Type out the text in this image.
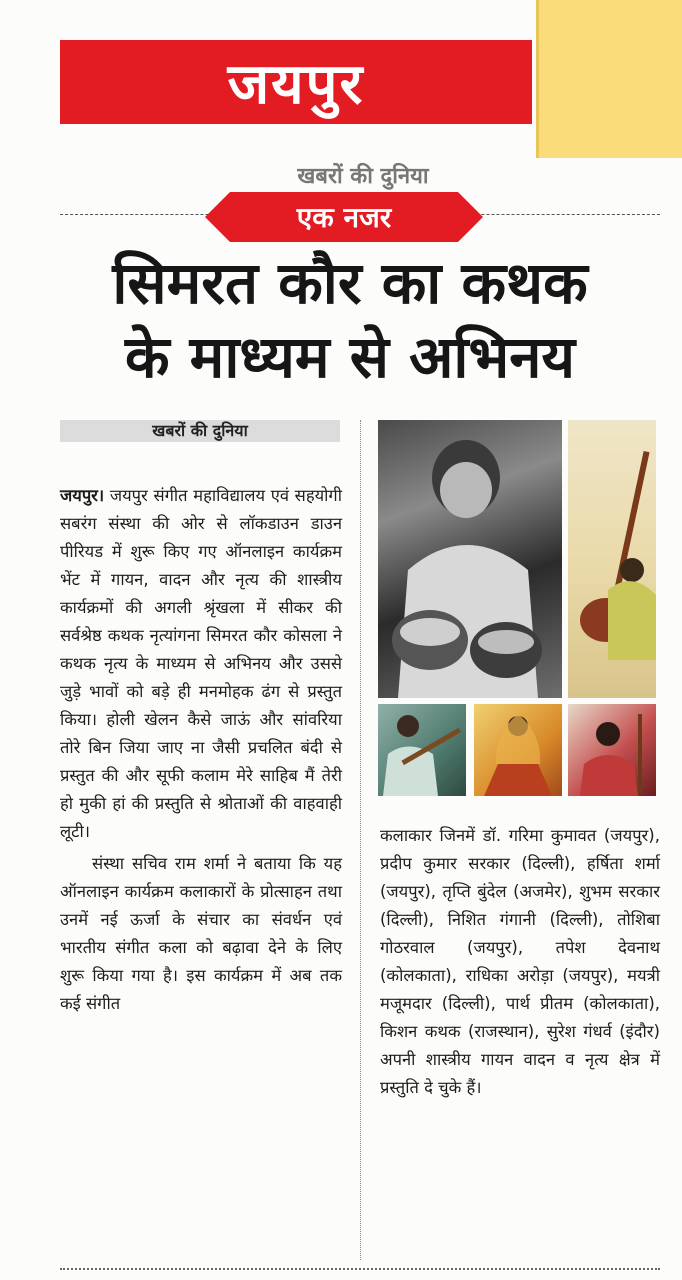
जयपुर
खबरों की दुनिया
एक नजर
सिमरत कौर का कथक
के माध्यम से अभिनय
खबरों की दुनिया

जयपुर। जयपुर संगीत महाविद्यालय एवं सहयोगी सबरंग संस्था की ओर से लॉकडाउन डाउन पीरियड में शुरू किए गए ऑनलाइन कार्यक्रम भेंट में गायन, वादन और नृत्य की शास्त्रीय कार्यक्रमों की अगली श्रृंखला में सीकर की सर्वश्रेष्ठ कथक नृत्यांगना सिमरत कौर कोसला ने कथक नृत्य के माध्यम से अभिनय और उससे जुड़े भावों को बड़े ही मनमोहक ढंग से प्रस्तुत किया। होली खेलन कैसे जाऊं और सांवरिया तोरे बिन जिया जाए ना जैसी प्रचलित बंदी से प्रस्तुत की और सूफी कलाम मेरे साहिब मैं तेरी हो मुकी हां की प्रस्तुति से श्रोताओं की वाहवाही लूटी।

संस्था सचिव राम शर्मा ने बताया कि यह ऑनलाइन कार्यक्रम कलाकारों के प्रोत्साहन तथा उनमें नई ऊर्जा के संचार का संवर्धन एवं भारतीय संगीत कला को बढ़ावा देने के लिए शुरू किया गया है। इस कार्यक्रम में अब तक कई संगीत

कलाकार जिनमें डॉ. गरिमा कुमावत (जयपुर), प्रदीप कुमार सरकार (दिल्ली), हर्षिता शर्मा (जयपुर), तृप्ति बुंदेल (अजमेर), शुभम सरकार (दिल्ली), निशित गंगानी (दिल्ली), तोशिबा गोठरवाल (जयपुर), तपेश देवनाथ (कोलकाता), राधिका अरोड़ा (जयपुर), मयत्री मजूमदार (दिल्ली), पार्थ प्रीतम (कोलकाता), किशन कथक (राजस्थान), सुरेश गंधर्व (इंदौर) अपनी शास्त्रीय गायन वादन व नृत्य क्षेत्र में प्रस्तुति दे चुके हैं।
